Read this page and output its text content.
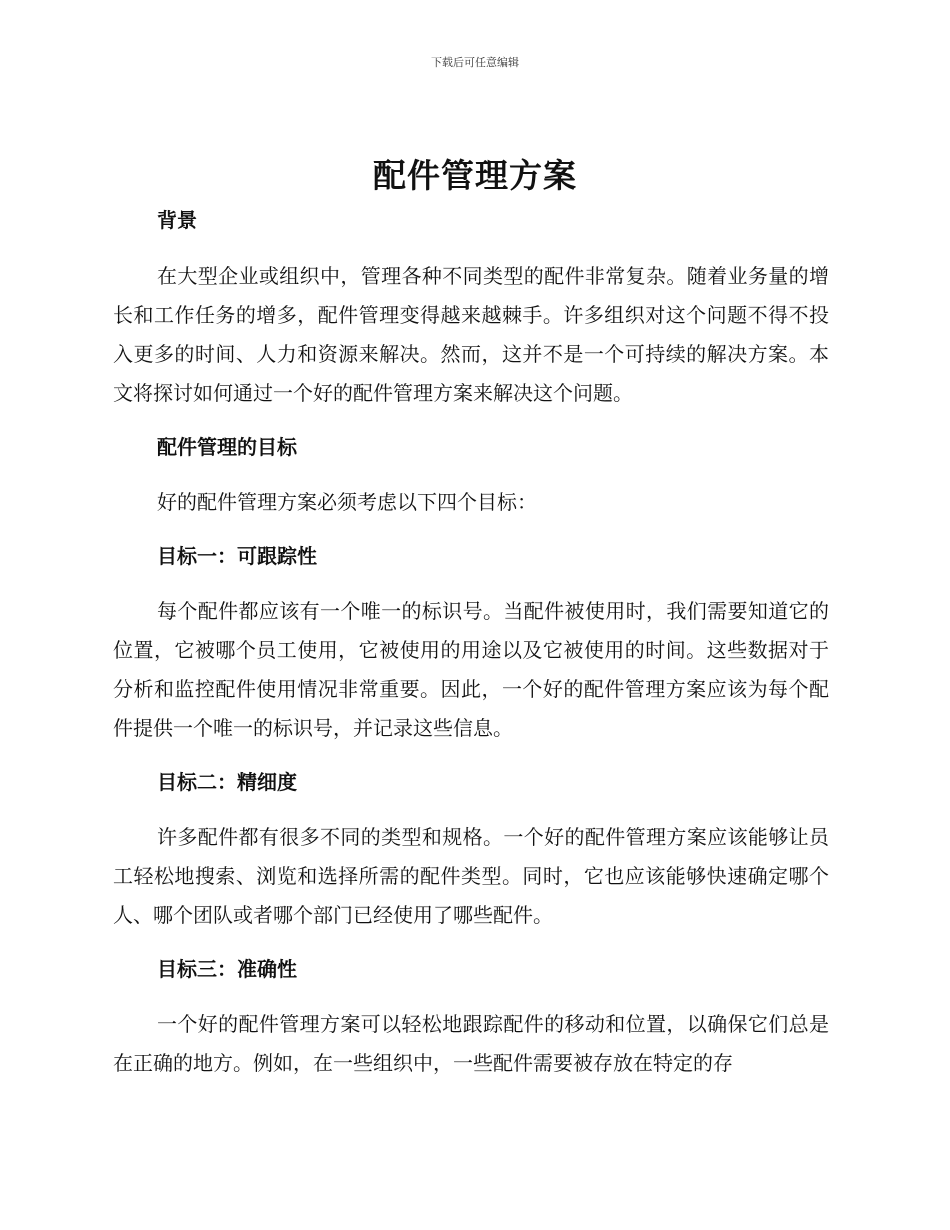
下载后可任意编辑
配件管理方案
背景

在大型企业或组织中，管理各种不同类型的配件非常复杂。随着业务量的增长和工作任务的增多，配件管理变得越来越棘手。许多组织对这个问题不得不投入更多的时间、人力和资源来解决。然而，这并不是一个可持续的解决方案。本文将探讨如何通过一个好的配件管理方案来解决这个问题。

配件管理的目标

好的配件管理方案必须考虑以下四个目标：

目标一：可跟踪性

每个配件都应该有一个唯一的标识号。当配件被使用时，我们需要知道它的位置，它被哪个员工使用，它被使用的用途以及它被使用的时间。这些数据对于分析和监控配件使用情况非常重要。因此，一个好的配件管理方案应该为每个配件提供一个唯一的标识号，并记录这些信息。

目标二：精细度

许多配件都有很多不同的类型和规格。一个好的配件管理方案应该能够让员工轻松地搜索、浏览和选择所需的配件类型。同时，它也应该能够快速确定哪个人、哪个团队或者哪个部门已经使用了哪些配件。

目标三：准确性

一个好的配件管理方案可以轻松地跟踪配件的移动和位置，以确保它们总是在正确的地方。例如，在一些组织中，一些配件需要被存放在特定的存
